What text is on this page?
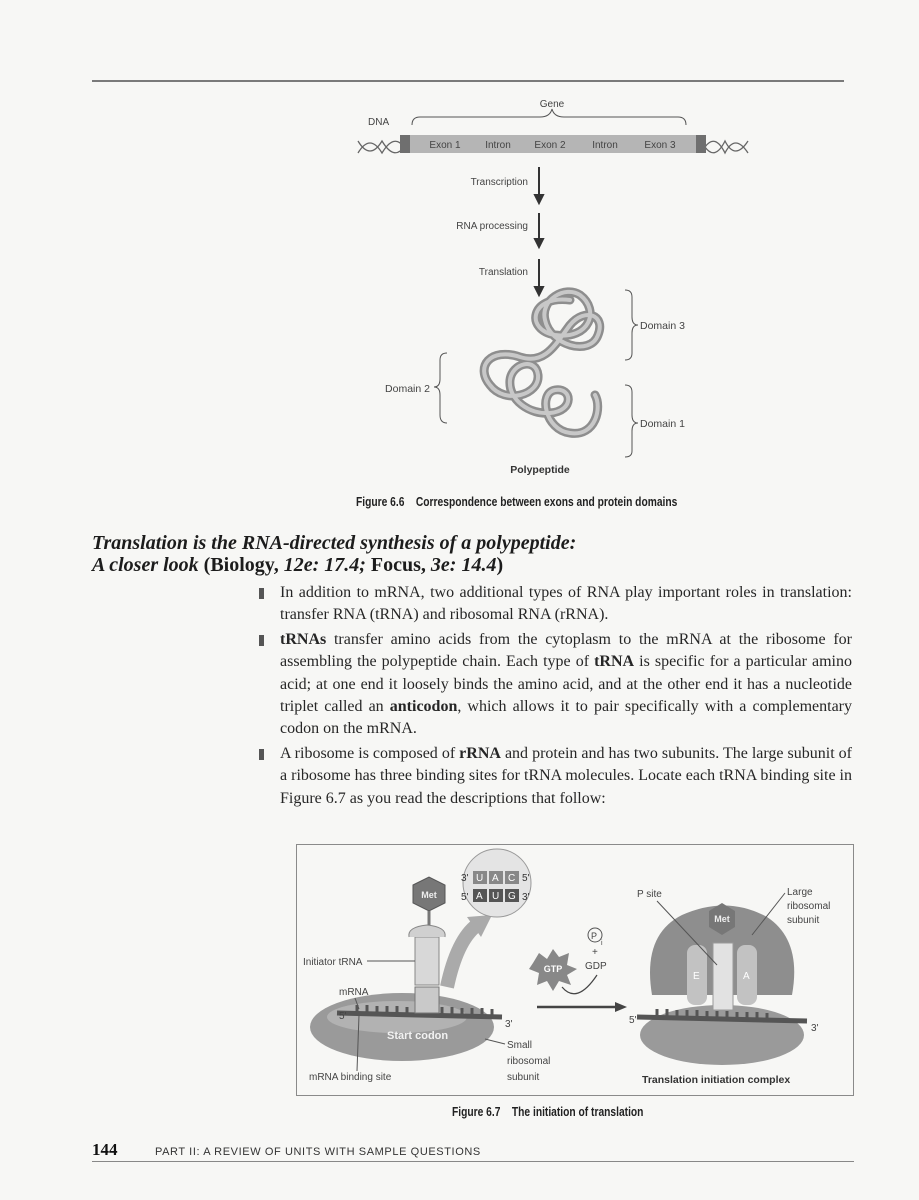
Exon 1 Intron Exon 2	Intron	Exon 3
Gene
DNA
Transcription
RNA processing
Translation
Domain 3
Domain 1
Domain 2
Polypeptide
Figure 6.6 Correspondence between exons and protein domains
Translation is the RNA-directed synthesis of a polypeptide:
A closer look (Biology, 12e: 17.4; Focus, 3e: 14.4)

In addition to mRNA, two additional types of RNA play important roles in translation: transfer RNA (tRNA) and ribosomal RNA (rRNA).

tRNAs transfer amino acids from the cytoplasm to the mRNA at the ribosome for assembling the polypeptide chain. Each type of tRNA is specific for a particular amino acid; at one end it loosely binds the amino acid, and at the other end it has a nucleotide triplet called an anticodon, which allows it to pair specifically with a complementary codon on the mRNA.

A ribosome is composed of rRNA and protein and has two subunits. The large subunit of a ribosome has three binding sites for tRNA molecules. Locate each tRNA binding site in Figure 6.7 as you read the descriptions that follow:

Start codon
5'
3'
Met
3' U A C 5'
5' A U G 3'
Initiator tRNA
mRNA
mRNA binding site
Small
ribosomal
subunit
GTP
P
i
+
GDP
E	A
Met
5'
3'
P site	Large
ribosomal
subunit
Translation initiation complex
Figure 6.7 The initiation of translation
144	PART II: A REVIEW OF UNITS WITH SAMPLE QUESTIONS
